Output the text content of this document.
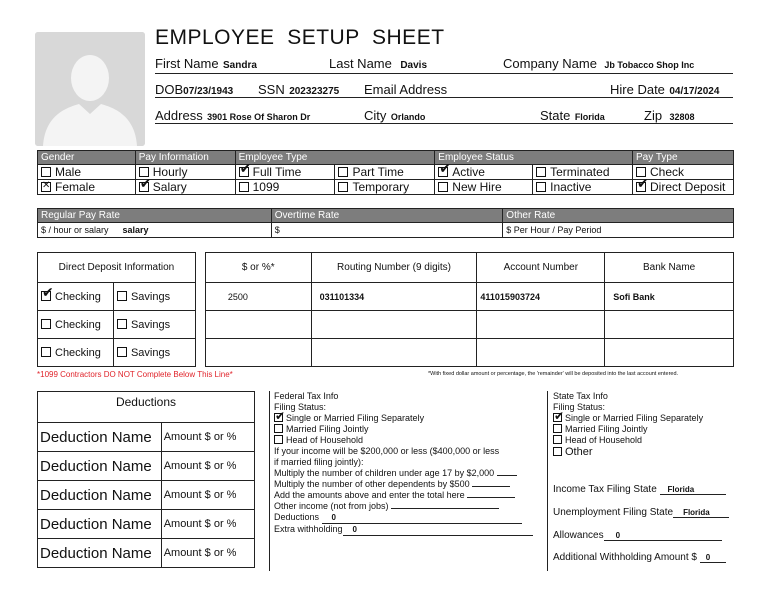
EMPLOYEE  SETUP  SHEET
First Name Sandra	Last Name Davis	Company Name Jb Tobacco Shop Inc
DOB07/23/1943 SSN 202323275 Email Address	Hire Date 04/17/2024
Address 3901 Rose Of Sharon Dr	City Orlando	State Florida	Zip 32808
Gender	Pay Information	Employee Type		Employee Status		Pay Type
Male	Hourly	✔Full Time	Part Time	✔Active	Terminated	Check
✕Female	✔Salary	1099	Temporary	New Hire	Inactive	✔Direct Deposit
Regular Pay Rate	Overtime Rate	Other Rate
$ / hour or salary salary	$	$ Per Hour / Pay Period
Direct Deposit Information			$ or %*	Routing Number (9 digits)	Account Number	Bank Name
✔Checking	Savings		2500	031101334	411015903724	Sofi Bank
Checking	Savings					
Checking	Savings					
*1099 Contractors DO NOT Complete Below This Line*	*With fixed dollar amount or percentage, the 'remainder' will be deposited into the last account entered.
Deductions	
Deduction Name	Amount $ or %
Deduction Name	Amount $ or %
Deduction Name	Amount $ or %
Deduction Name	Amount $ or %
Deduction Name	Amount $ or %
Federal Tax Info
Filing Status:
✔Single or Married Filing Separately
Married Filing Jointly
Head of Household
If your income will be $200,000 or less ($400,000 or less
if married filing jointly):
Multiply the number of children under age 17 by $2,000
Multiply the number of other dependents by $500
Add the amounts above and enter the total here
Other income (not from jobs)
Deductions 0
Extra withholding 0
State Tax Info
Filing Status:
✔Single or Married Filing Separately
Married Filing Jointly
Head of Household
Other
Income Tax Filing State Florida
Unemployment Filing State Florida
Allowances 0
Additional Withholding Amount $ 0
